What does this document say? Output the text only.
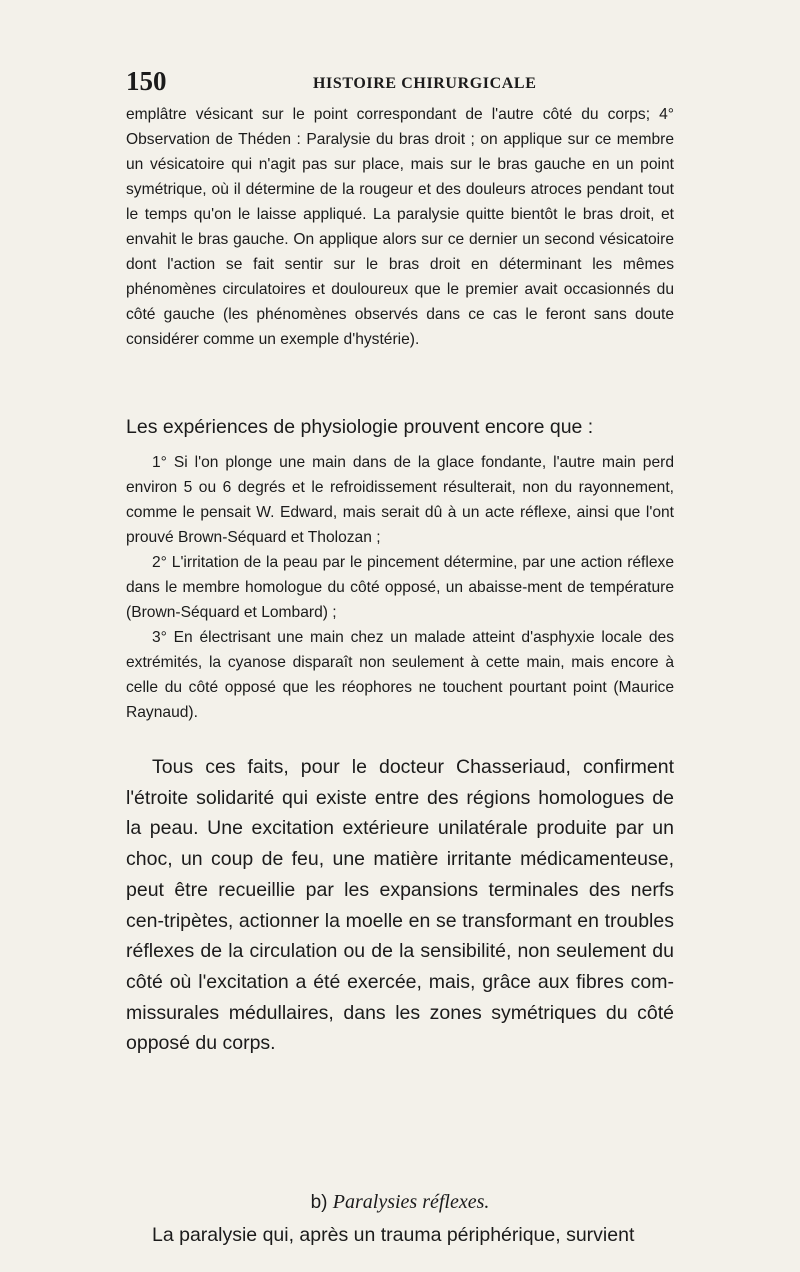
150	HISTOIRE CHIRURGICALE

emplâtre vésicant sur le point correspondant de l'autre côté du corps; 4° Observation de Théden : Paralysie du bras droit ; on applique sur ce membre un vésicatoire qui n'agit pas sur place, mais sur le bras gauche en un point symétrique, où il détermine de la rougeur et des douleurs atroces pendant tout le temps qu'on le laisse appliqué. La paralysie quitte bientôt le bras droit, et envahit le bras gauche. On applique alors sur ce dernier un second vésicatoire dont l'action se fait sentir sur le bras droit en déterminant les mêmes phénomènes circulatoires et douloureux que le premier avait occasionnés du côté gauche (les phénomènes observés dans ce cas le feront sans doute considérer comme un exemple d'hystérie).

Les expériences de physiologie prouvent encore que :

1° Si l'on plonge une main dans de la glace fondante, l'autre main perd environ 5 ou 6 degrés et le refroidissement résulterait, non du rayonnement, comme le pensait W. Edward, mais serait dû à un acte réflexe, ainsi que l'ont prouvé Brown-Séquard et Tholozan ;

2° L'irritation de la peau par le pincement détermine, par une action réflexe dans le membre homologue du côté opposé, un abaisse-ment de température (Brown-Séquard et Lombard) ;

3° En électrisant une main chez un malade atteint d'asphyxie locale des extrémités, la cyanose disparaît non seulement à cette main, mais encore à celle du côté opposé que les réophores ne touchent pourtant point (Maurice Raynaud).

Tous ces faits, pour le docteur Chasseriaud, confirment l'étroite solidarité qui existe entre des régions homologues de la peau. Une excitation extérieure unilatérale produite par un choc, un coup de feu, une matière irritante médicamenteuse, peut être recueillie par les expansions terminales des nerfs cen-tripètes, actionner la moelle en se transformant en troubles réflexes de la circulation ou de la sensibilité, non seulement du côté où l'excitation a été exercée, mais, grâce aux fibres com-missurales médullaires, dans les zones symétriques du côté opposé du corps.

b) Paralysies réflexes.

La paralysie qui, après un trauma périphérique, survient
